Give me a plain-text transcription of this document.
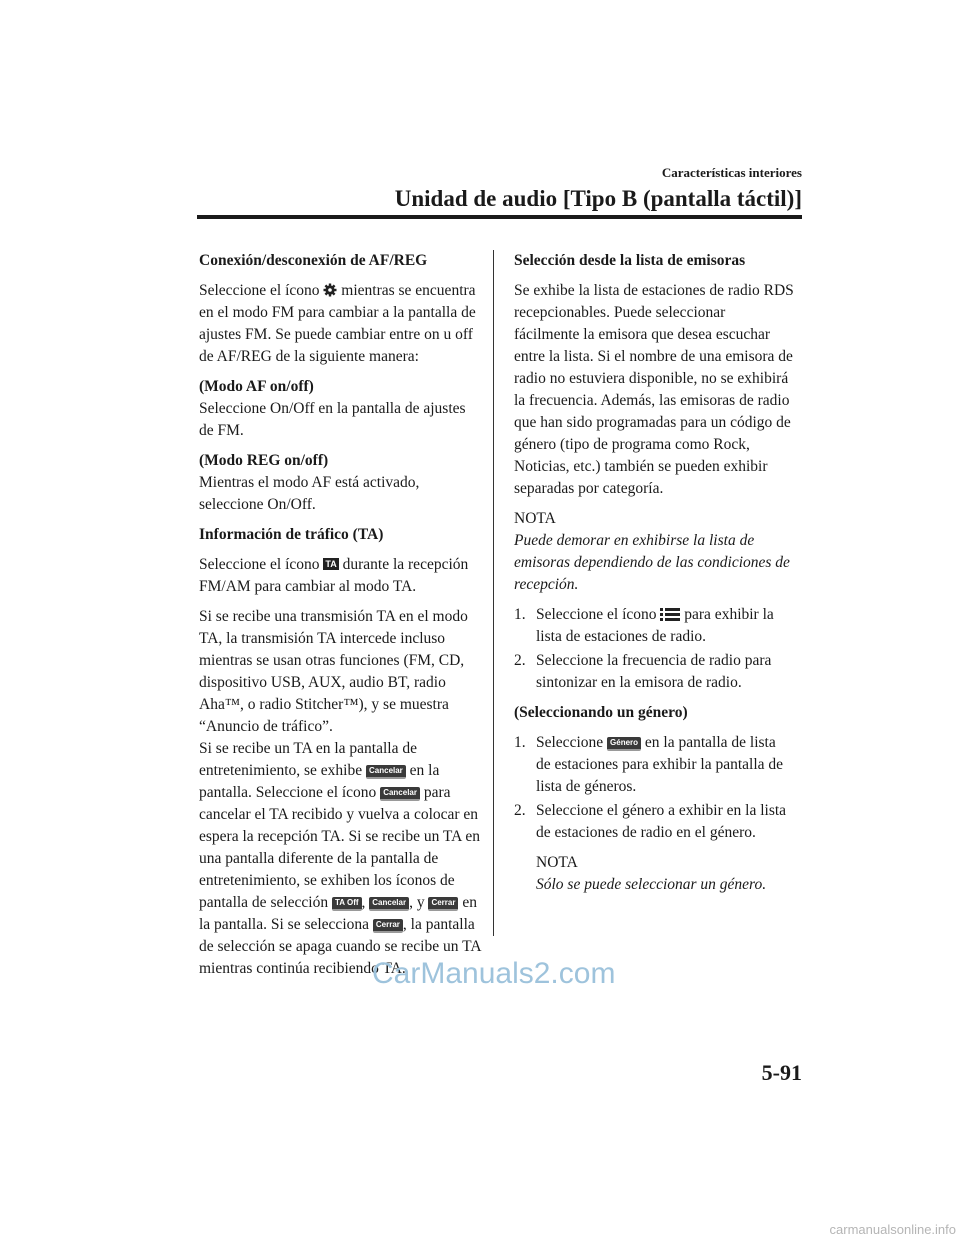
Características interiores
Unidad de audio [Tipo B (pantalla táctil)]
Conexión/desconexión de AF/REG

Seleccione el ícono mientras se encuentra en el modo FM para cambiar a la pantalla de ajustes FM. Se puede cambiar entre on u off de AF/REG de la siguiente manera:

(Modo AF on/off)

Seleccione On/Off en la pantalla de ajustes de FM.

(Modo REG on/off)

Mientras el modo AF está activado, seleccione On/Off.

Información de tráfico (TA)

Seleccione el ícono TA durante la recepción FM/AM para cambiar al modo TA.

Si se recibe una transmisión TA en el modo TA, la transmisión TA intercede incluso mientras se usan otras funciones (FM, CD, dispositivo USB, AUX, audio BT, radio Aha™, o radio Stitcher™), y se muestra “Anuncio de tráfico”.

Si se recibe un TA en la pantalla de entretenimiento, se exhibe Cancelar en la pantalla. Seleccione el ícono Cancelar para cancelar el TA recibido y vuelva a colocar en espera la recepción TA. Si se recibe un TA en una pantalla diferente de la pantalla de entretenimiento, se exhiben los íconos de pantalla de selección TA Off , Cancelar , y Cerrar en la pantalla. Si se selecciona Cerrar , la pantalla de selección se apaga cuando se recibe un TA mientras continúa recibiendo TA.

Selección desde la lista de emisoras

Se exhibe la lista de estaciones de radio RDS recepcionables. Puede seleccionar fácilmente la emisora que desea escuchar entre la lista. Si el nombre de una emisora de radio no estuviera disponible, no se exhibirá la frecuencia. Además, las emisoras de radio que han sido programadas para un código de género (tipo de programa como Rock, Noticias, etc.) también se pueden exhibir separadas por categoría.

NOTA

Puede demorar en exhibirse la lista de emisoras dependiendo de las condiciones de recepción.

1. Seleccione el ícono para exhibir la lista de estaciones de radio.
2. Seleccione la frecuencia de radio para sintonizar en la emisora de radio.
(Seleccionando un género)
1. Seleccione Género en la pantalla de lista de estaciones para exhibir la pantalla de lista de géneros.
2. Seleccione el género a exhibir en la lista de estaciones de radio en el género.
NOTA

Sólo se puede seleccionar un género.

CarManuals2.com
5-91
carmanualsonline.info
